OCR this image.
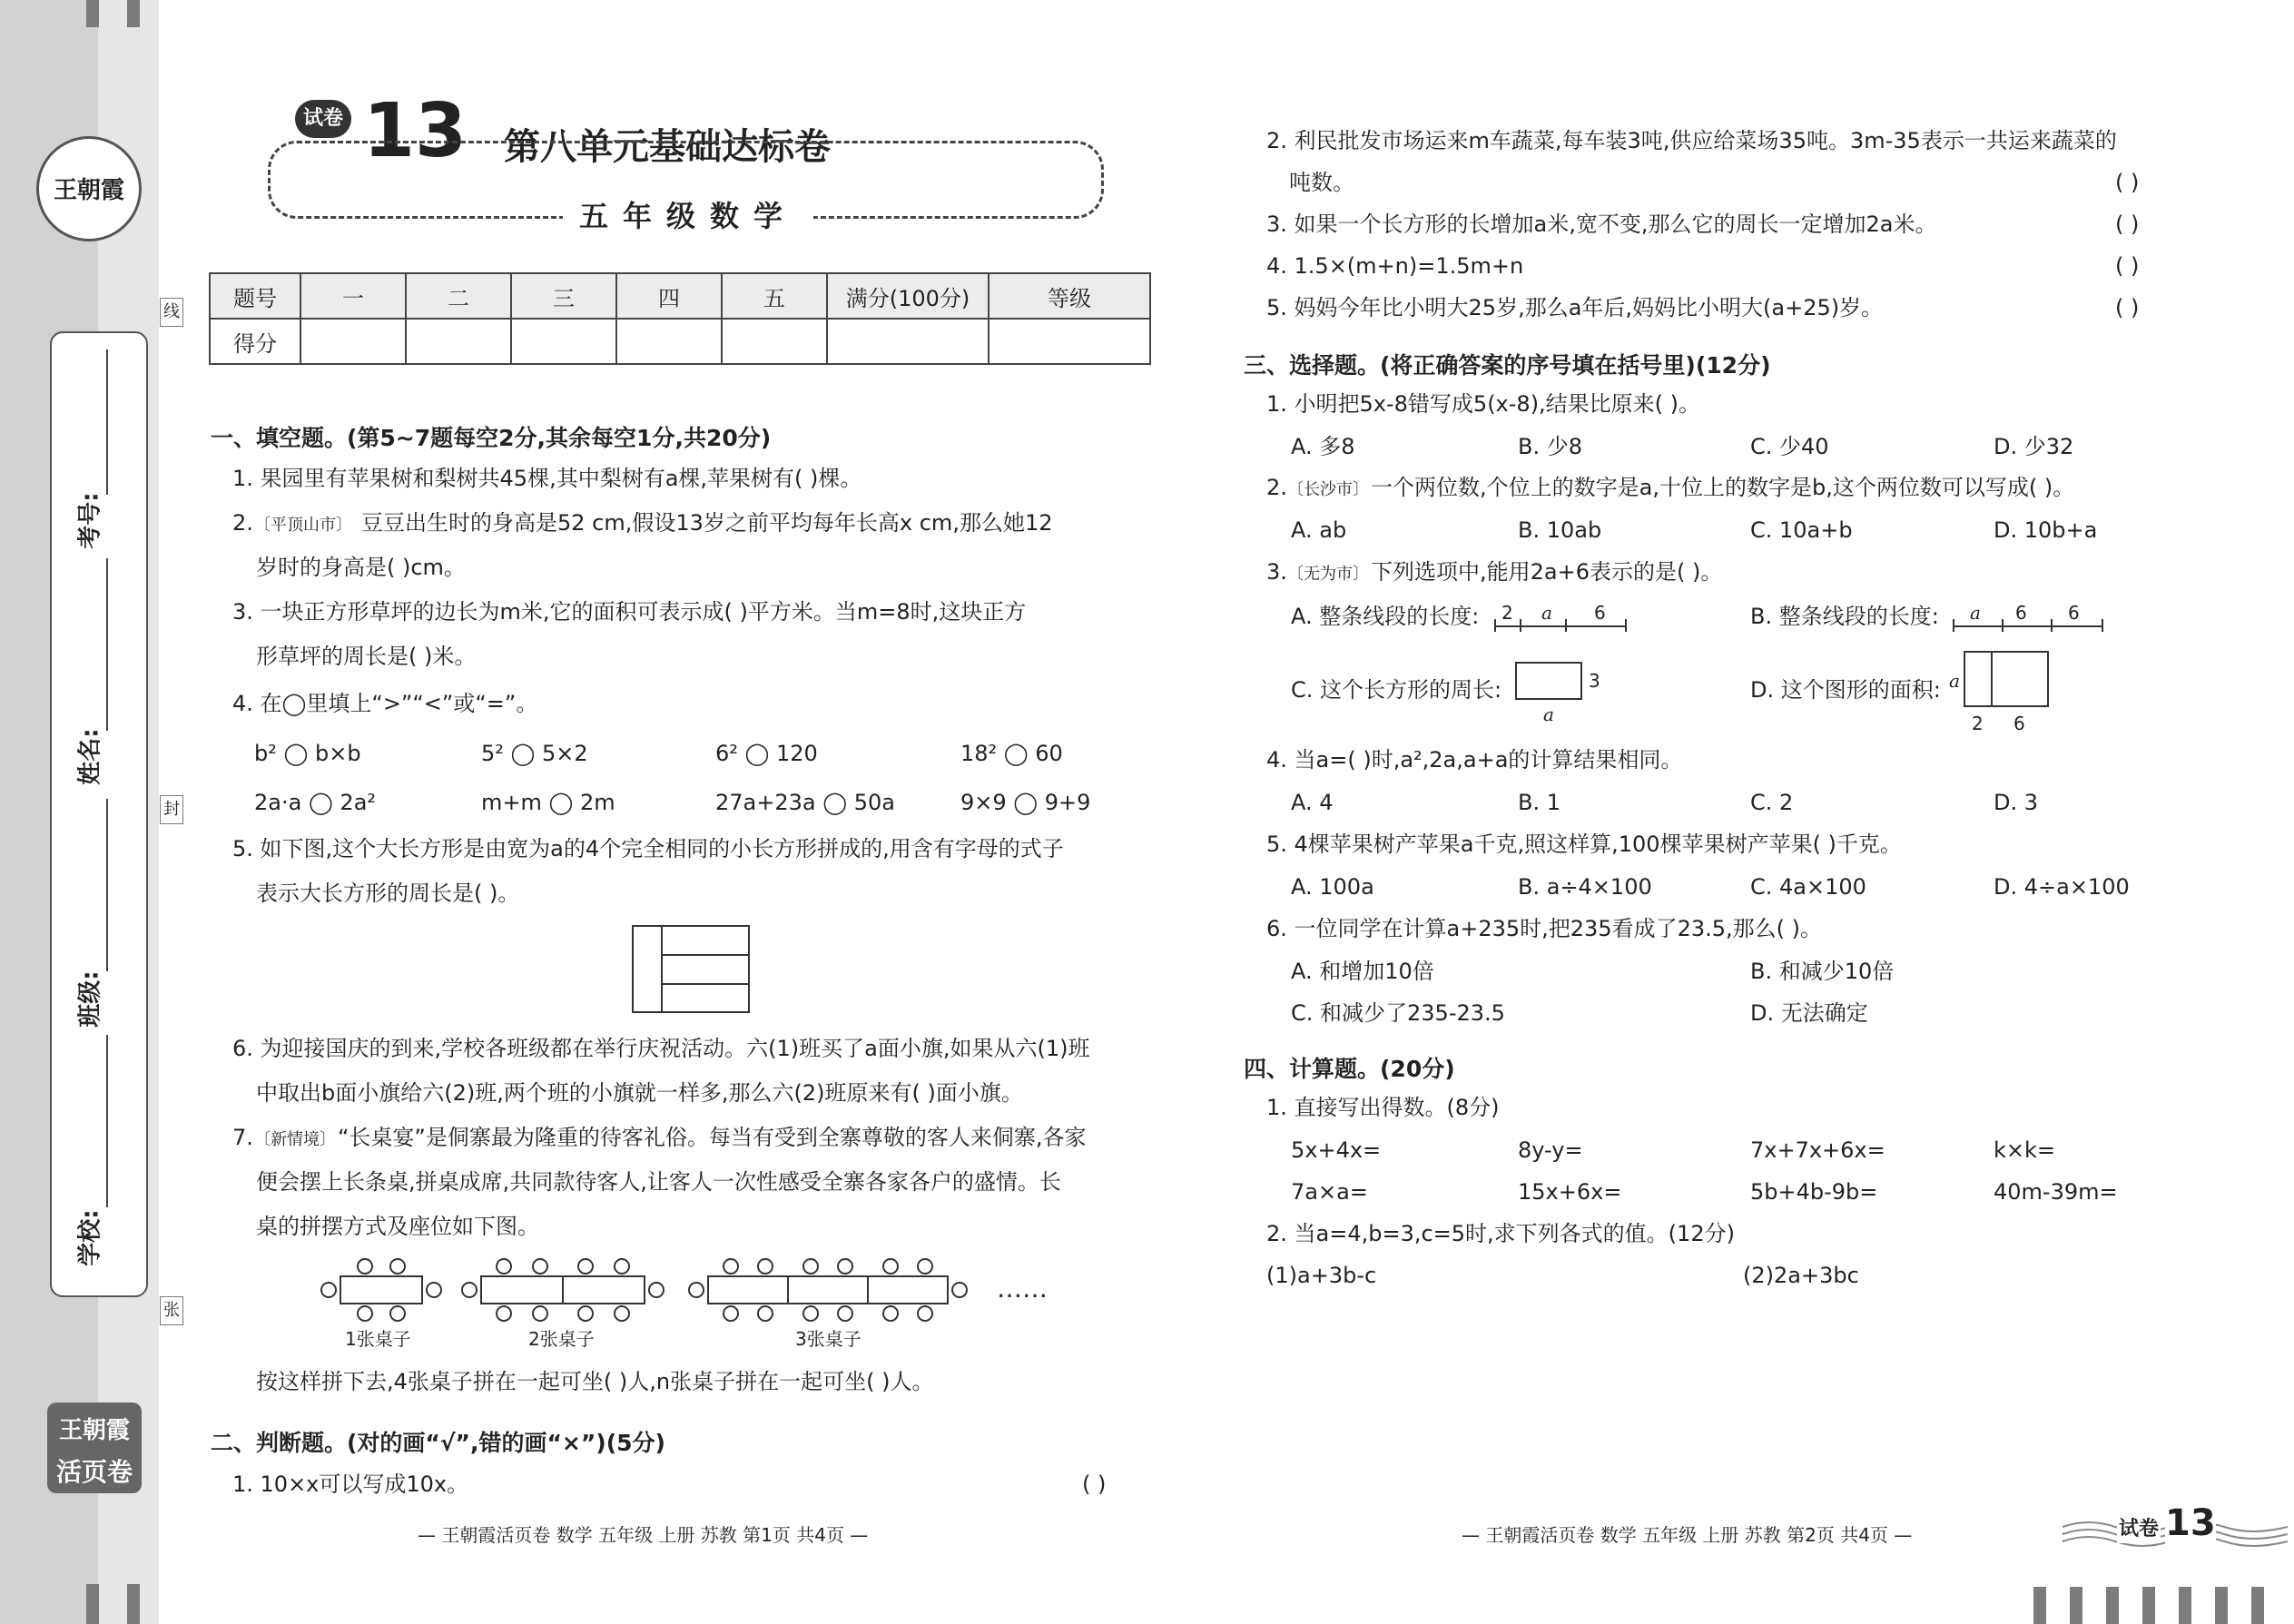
王朝霞
学校:
班级:
姓名:
考号:
线
封
张
王朝霞
活页卷
试卷 13 第八单元基础达标卷
五年级数学
题号	一	二	三	四	五	满分(100分)	等级
得分							
一、填空题。(第5~7题每空2分,其余每空1分,共20分)
1. 果园里有苹果树和梨树共45棵,其中梨树有a棵,苹果树有( )棵。
2. 〔平顶山市〕 豆豆出生时的身高是52 cm,假设13岁之前平均每年长高x cm,那么她12
岁时的身高是( )cm。
3. 一块正方形草坪的边长为m米,它的面积可表示成( )平方米。当m=8时,这块正方
形草坪的周长是( )米。
4. 在◯里填上“>”“<”或“=”。
b² ◯ b×b	5² ◯ 5×2	6² ◯ 120	18² ◯ 60
2a·a ◯ 2a²	m+m ◯ 2m	27a+23a ◯ 50a	9×9 ◯ 9+9
5. 如下图,这个大长方形是由宽为a的4个完全相同的小长方形拼成的,用含有字母的式子
表示大长方形的周长是( )。
6. 为迎接国庆的到来,学校各班级都在举行庆祝活动。六(1)班买了a面小旗,如果从六(1)班
中取出b面小旗给六(2)班,两个班的小旗就一样多,那么六(2)班原来有( )面小旗。
7. 〔新情境〕 “长桌宴”是侗寨最为隆重的待客礼俗。每当有受到全寨尊敬的客人来侗寨,各家
便会摆上长条桌,拼桌成席,共同款待客人,让客人一次性感受全寨各家各户的盛情。长
桌的拼摆方式及座位如下图。
1张桌子	2张桌子	3张桌子
……
按这样拼下去,4张桌子拼在一起可坐( )人,n张桌子拼在一起可坐( )人。
二、判断题。(对的画“√”,错的画“×”)(5分)
1. 10×x可以写成10x。	( )
— 王朝霞活页卷 数学 五年级 上册 苏教 第1页 共4页 —
2. 利民批发市场运来m车蔬菜,每车装3吨,供应给菜场35吨。3m-35表示一共运来蔬菜的
吨数。	( )
3. 如果一个长方形的长增加a米,宽不变,那么它的周长一定增加2a米。	( )
4. 1.5×(m+n)=1.5m+n	( )
5. 妈妈今年比小明大25岁,那么a年后,妈妈比小明大(a+25)岁。	( )
三、选择题。(将正确答案的序号填在括号里)(12分)
1. 小明把5x-8错写成5(x-8),结果比原来( )。
A. 多8	B. 少8	C. 少40	D. 少32
2. 〔长沙市〕 一个两位数,个位上的数字是a,十位上的数字是b,这个两位数可以写成( )。
A. ab	B. 10ab	C. 10a+b	D. 10b+a
3. 〔无为市〕 下列选项中,能用2a+6表示的是( )。
A. 整条线段的长度: 2 a 6	B. 整条线段的长度: a 6 6
C. 这个长方形的周长:	3
a
D. 这个图形的面积: a
2 6
4. 当a=( )时,a²,2a,a+a的计算结果相同。
A. 4	B. 1	C. 2	D. 3
5. 4棵苹果树产苹果a千克,照这样算,100棵苹果树产苹果( )千克。
A. 100a	B. a÷4×100	C. 4a×100	D. 4÷a×100
6. 一位同学在计算a+235时,把235看成了23.5,那么( )。
A. 和增加10倍	B. 和减少10倍
C. 和减少了235-23.5	D. 无法确定
四、计算题。(20分)
1. 直接写出得数。(8分)
5x+4x=	8y-y=	7x+7x+6x=	k×k=
7a×a=	15x+6x=	5b+4b-9b=	40m-39m=
2. 当a=4,b=3,c=5时,求下列各式的值。(12分)
(1)a+3b-c	(2)2a+3bc
— 王朝霞活页卷 数学 五年级 上册 苏教 第2页 共4页 —	试卷 13
